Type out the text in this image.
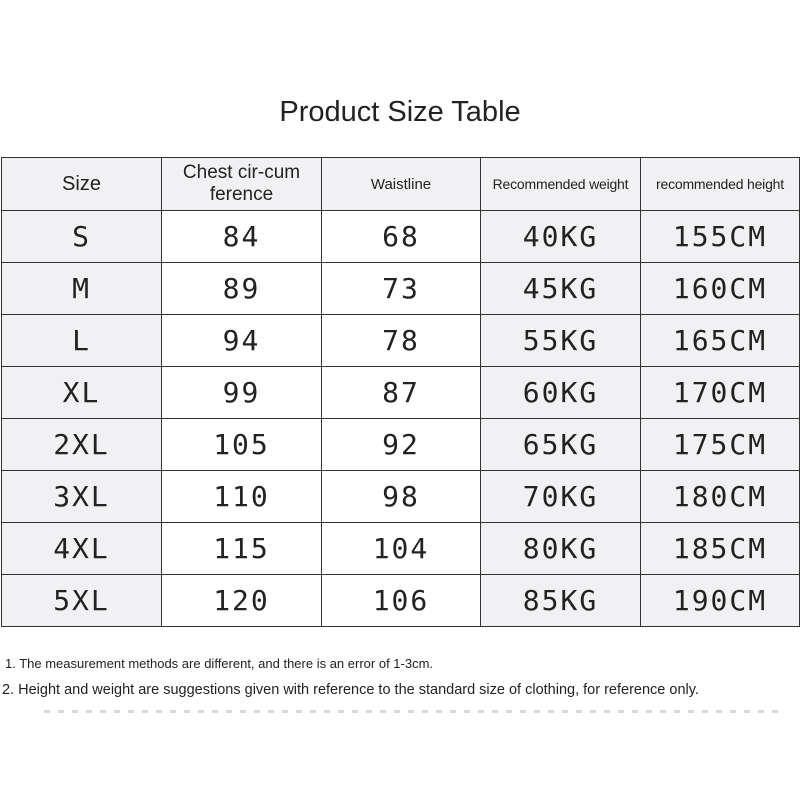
Product Size Table
Size	Chest cir-cumference	Waistline	Recommended weight	recommended height
S	84	68	40KG	155CM
M	89	73	45KG	160CM
L	94	78	55KG	165CM
XL	99	87	60KG	170CM
2XL	105	92	65KG	175CM
3XL	110	98	70KG	180CM
4XL	115	104	80KG	185CM
5XL	120	106	85KG	190CM
1. The measurement methods are different, and there is an error of 1-3cm.
2. Height and weight are suggestions given with reference to the standard size of clothing, for reference only.
